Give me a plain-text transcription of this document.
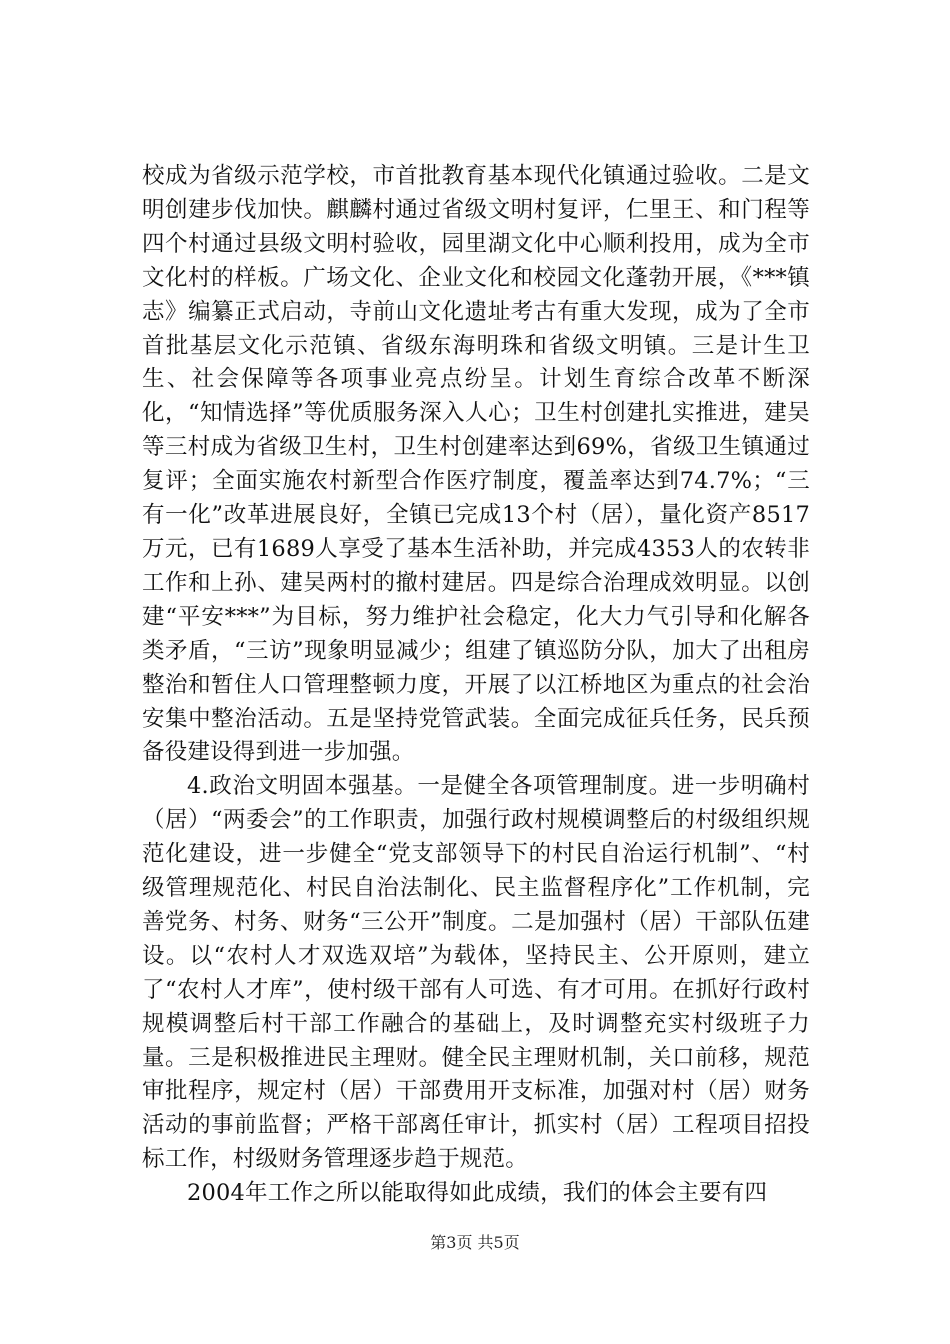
校成为省级示范学校，市首批教育基本现代化镇通过验收。二是文明创建步伐加快。麒麟村通过省级文明村复评，仁里王、和门程等四个村通过县级文明村验收，园里湖文化中心顺利投用，成为全市文化村的样板。广场文化、企业文化和校园文化蓬勃开展，《***镇志》编纂正式启动，寺前山文化遗址考古有重大发现，成为了全市首批基层文化示范镇、省级东海明珠和省级文明镇。三是计生卫生、社会保障等各项事业亮点纷呈。计划生育综合改革不断深化，“知情选择”等优质服务深入人心；卫生村创建扎实推进，建吴等三村成为省级卫生村，卫生村创建率达到69%，省级卫生镇通过复评；全面实施农村新型合作医疗制度，覆盖率达到74.7%；“三有一化”改革进展良好，全镇已完成13个村（居），量化资产8517万元，已有1689人享受了基本生活补助，并完成4353人的农转非工作和上孙、建吴两村的撤村建居。四是综合治理成效明显。以创建“平安***”为目标，努力维护社会稳定，化大力气引导和化解各类矛盾，“三访”现象明显减少；组建了镇巡防分队，加大了出租房整治和暂住人口管理整顿力度，开展了以江桥地区为重点的社会治安集中整治活动。五是坚持党管武装。全面完成征兵任务，民兵预备役建设得到进一步加强。

4.政治文明固本强基。一是健全各项管理制度。进一步明确村（居）“两委会”的工作职责，加强行政村规模调整后的村级组织规范化建设，进一步健全“党支部领导下的村民自治运行机制”、“村级管理规范化、村民自治法制化、民主监督程序化”工作机制，完善党务、村务、财务“三公开”制度。二是加强村（居）干部队伍建设。以“农村人才双选双培”为载体，坚持民主、公开原则，建立了“农村人才库”，使村级干部有人可选、有才可用。在抓好行政村规模调整后村干部工作融合的基础上，及时调整充实村级班子力量。三是积极推进民主理财。健全民主理财机制，关口前移，规范审批程序，规定村（居）干部费用开支标准，加强对村（居）财务活动的事前监督；严格干部离任审计，抓实村（居）工程项目招投标工作，村级财务管理逐步趋于规范。

2004年工作之所以能取得如此成绩，我们的体会主要有四

第3页 共5页
